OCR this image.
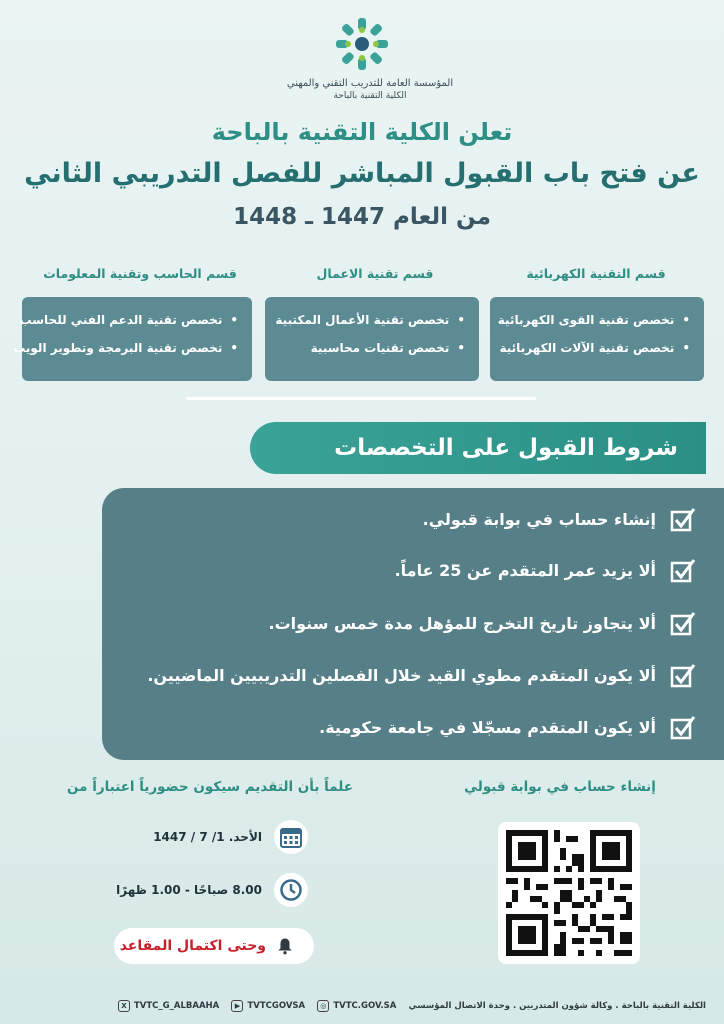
المؤسسة العامة للتدريب التقني والمهني
الكلية التقنية بالباحة
تعلن الكلية التقنية بالباحة
عن فتح باب القبول المباشر للفصل التدريبي الثاني
من العام 1447 ـ 1448
قسم التقنية الكهربائية
قسم تقنية الاعمال
قسم الحاسب وتقنية المعلومات
• تخصص تقنية القوى الكهربائية
• تخصص تقنية الآلات الكهربائية
• تخصص تقنية الأعمال المكتبية
• تخصص تقنيات محاسبية
• تخصص تقنية الدعم الفني للحاسب
• تخصص تقنية البرمجة وتطوير الويب
شروط القبول على التخصصات
إنشاء حساب في بوابة قبولي.
ألا يزيد عمر المتقدم عن 25 عاماً.
ألا يتجاوز تاريخ التخرج للمؤهل مدة خمس سنوات.
ألا يكون المتقدم مطوي القيد خلال الفصلين التدريبيين الماضيين.
ألا يكون المتقدم مسجّلا في جامعة حكومية.
علماً بأن التقديم سيكون حضورياً اعتباراً من	إنشاء حساب في بوابة قبولي
الأحد. 1/ 7 / 1447
8.00 صباحًا - 1.00 ظهرًا
وحتى اكتمال المقاعد
X TVTC_G_ALBAAHA	▶ TVTCGOVSA	◎ TVTC.GOV.SA الكلية التقنية بالباحة . وكالة شؤون المتدربين . وحدة الاتصال المؤسسي
